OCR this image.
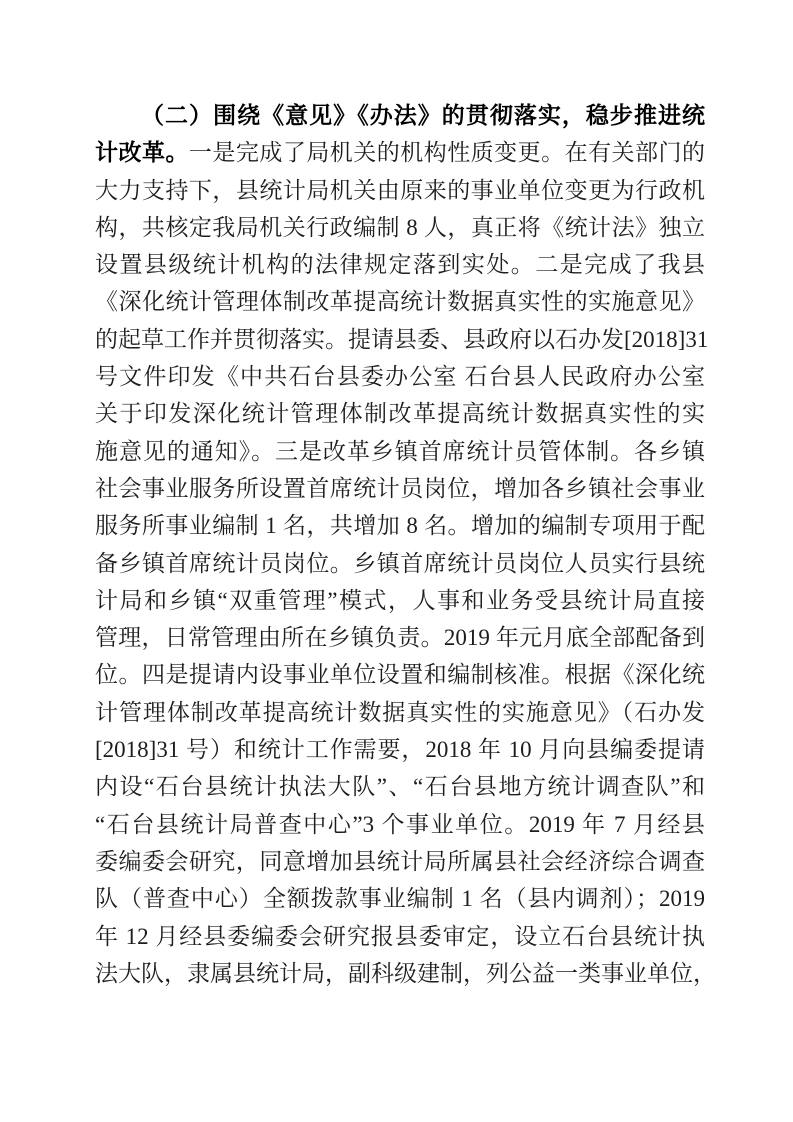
（二）围绕《意见》《办法》的贯彻落实，稳步推进统
计改革。一是完成了局机关的机构性质变更。在有关部门的
大力支持下，县统计局机关由原来的事业单位变更为行政机
构，共核定我局机关行政编制 8 人，真正将《统计法》独立
设置县级统计机构的法律规定落到实处。二是完成了我县
《深化统计管理体制改革提高统计数据真实性的实施意见》
的起草工作并贯彻落实。提请县委、县政府以石办发[2018]31
号文件印发《中共石台县委办公室 石台县人民政府办公室
关于印发深化统计管理体制改革提高统计数据真实性的实
施意见的通知》。三是改革乡镇首席统计员管体制。各乡镇
社会事业服务所设置首席统计员岗位，增加各乡镇社会事业
服务所事业编制 1 名，共增加 8 名。增加的编制专项用于配
备乡镇首席统计员岗位。乡镇首席统计员岗位人员实行县统
计局和乡镇“双重管理”模式，人事和业务受县统计局直接
管理，日常管理由所在乡镇负责。2019 年元月底全部配备到
位。四是提请内设事业单位设置和编制核准。根据《深化统
计管理体制改革提高统计数据真实性的实施意见》（石办发
[2018]31 号）和统计工作需要，2018 年 10 月向县编委提请
内设“石台县统计执法大队”、“石台县地方统计调查队”和
“石台县统计局普查中心”3 个事业单位。2019 年 7 月经县
委编委会研究，同意增加县统计局所属县社会经济综合调查
队（普查中心）全额拨款事业编制 1 名（县内调剂）；2019
年 12 月经县委编委会研究报县委审定，设立石台县统计执
法大队，隶属县统计局，副科级建制，列公益一类事业单位，
